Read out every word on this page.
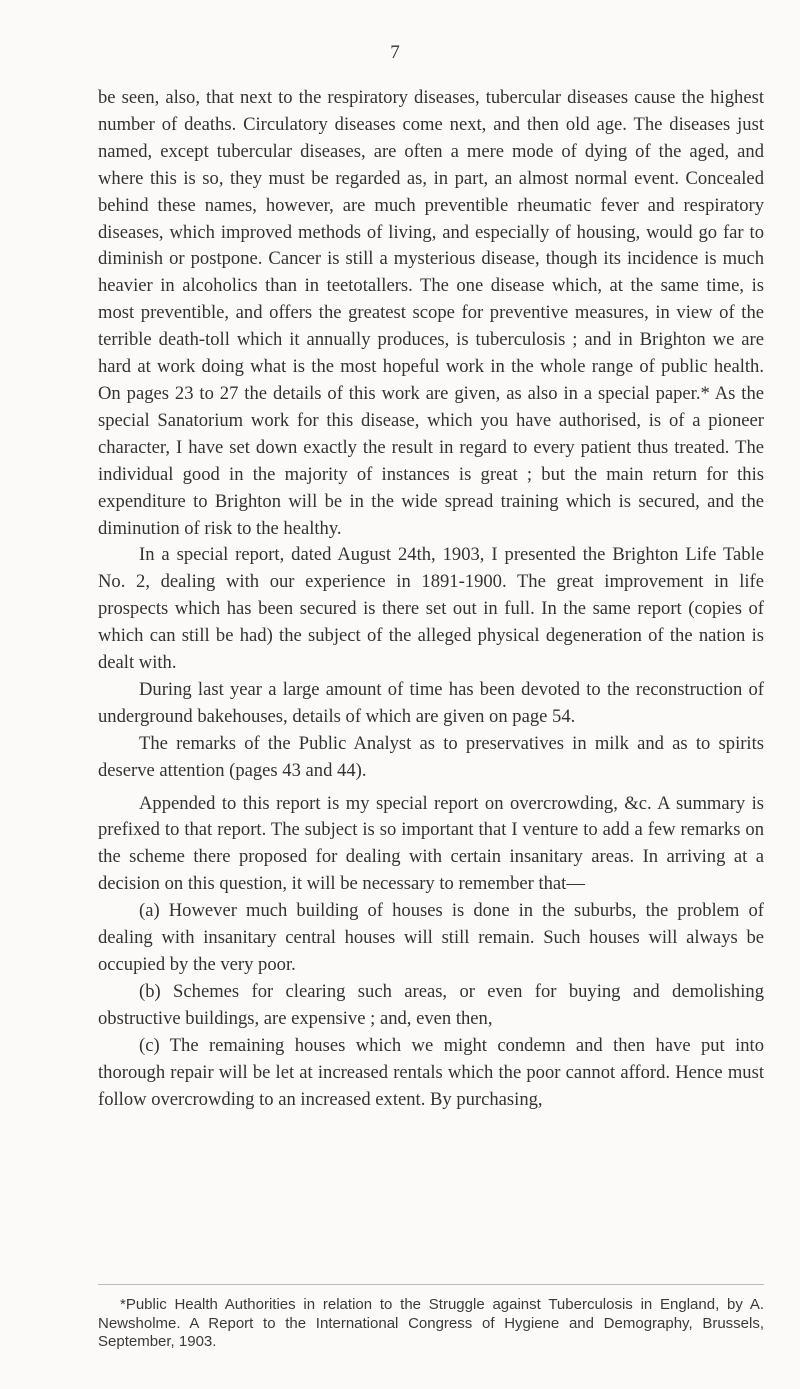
7

be seen, also, that next to the respiratory diseases, tubercular diseases cause the highest number of deaths. Circulatory diseases come next, and then old age. The diseases just named, except tubercular diseases, are often a mere mode of dying of the aged, and where this is so, they must be regarded as, in part, an almost normal event. Concealed behind these names, however, are much preventible rheumatic fever and respiratory diseases, which improved methods of living, and especially of housing, would go far to diminish or postpone. Cancer is still a mysterious disease, though its incidence is much heavier in alcoholics than in teetotallers. The one disease which, at the same time, is most preventible, and offers the greatest scope for preventive measures, in view of the terrible death-toll which it annually produces, is tuberculosis ; and in Brighton we are hard at work doing what is the most hopeful work in the whole range of public health. On pages 23 to 27 the details of this work are given, as also in a special paper.* As the special Sanatorium work for this disease, which you have authorised, is of a pioneer character, I have set down exactly the result in regard to every patient thus treated. The individual good in the majority of instances is great ; but the main return for this expenditure to Brighton will be in the wide spread training which is secured, and the diminution of risk to the healthy.

In a special report, dated August 24th, 1903, I presented the Brighton Life Table No. 2, dealing with our experience in 1891-1900. The great improvement in life prospects which has been secured is there set out in full. In the same report (copies of which can still be had) the subject of the alleged physical degeneration of the nation is dealt with.

During last year a large amount of time has been devoted to the reconstruction of underground bakehouses, details of which are given on page 54.

The remarks of the Public Analyst as to preservatives in milk and as to spirits deserve attention (pages 43 and 44).

Appended to this report is my special report on overcrowding, &c. A summary is prefixed to that report. The subject is so important that I venture to add a few remarks on the scheme there proposed for dealing with certain insanitary areas. In arriving at a decision on this question, it will be necessary to remember that—

(a) However much building of houses is done in the suburbs, the problem of dealing with insanitary central houses will still remain. Such houses will always be occupied by the very poor.

(b) Schemes for clearing such areas, or even for buying and demolishing obstructive buildings, are expensive ; and, even then,

(c) The remaining houses which we might condemn and then have put into thorough repair will be let at increased rentals which the poor cannot afford. Hence must follow overcrowding to an increased extent. By purchasing,

*Public Health Authorities in relation to the Struggle against Tuberculosis in England, by A. Newsholme. A Report to the International Congress of Hygiene and Demography, Brussels, September, 1903.
